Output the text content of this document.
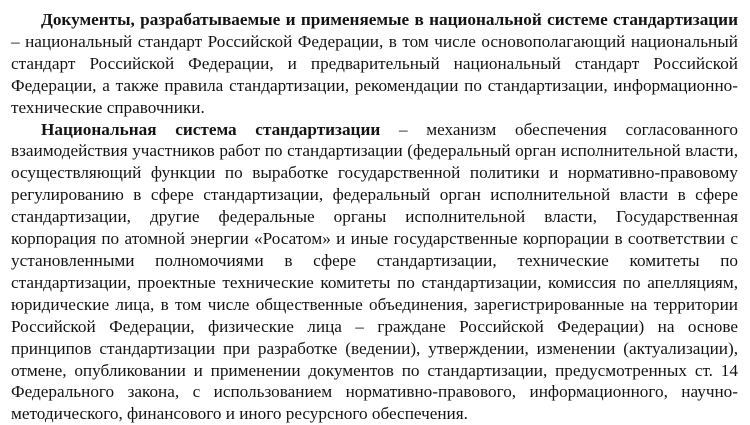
Документы, разрабатываемые и применяемые в национальной системе стандартизации – национальный стандарт Российской Федерации, в том числе основополагающий национальный стандарт Российской Федерации, и предварительный национальный стандарт Российской Федерации, а также правила стандартизации, рекомендации по стандартизации, информационно-технические справочники.

Национальная система стандартизации – механизм обеспечения согласованного взаимодействия участников работ по стандартизации (федеральный орган исполнительной власти, осуществляющий функции по выработке государственной политики и нормативно-правовому регулированию в сфере стандартизации, федеральный орган исполнительной власти в сфере стандартизации, другие федеральные органы исполнительной власти, Государственная корпорация по атомной энергии «Росатом» и иные государственные корпорации в соответствии с установленными полномочиями в сфере стандартизации, технические комитеты по стандартизации, проектные технические комитеты по стандартизации, комиссия по апелляциям, юридические лица, в том числе общественные объединения, зарегистрированные на территории Российской Федерации, физические лица – граждане Российской Федерации) на основе принципов стандартизации при разработке (ведении), утверждении, изменении (актуализации), отмене, опубликовании и применении документов по стандартизации, предусмотренных ст. 14 Федерального закона, с использованием нормативно-правового, информационного, научно-методического, финансового и иного ресурсного обеспечения.
